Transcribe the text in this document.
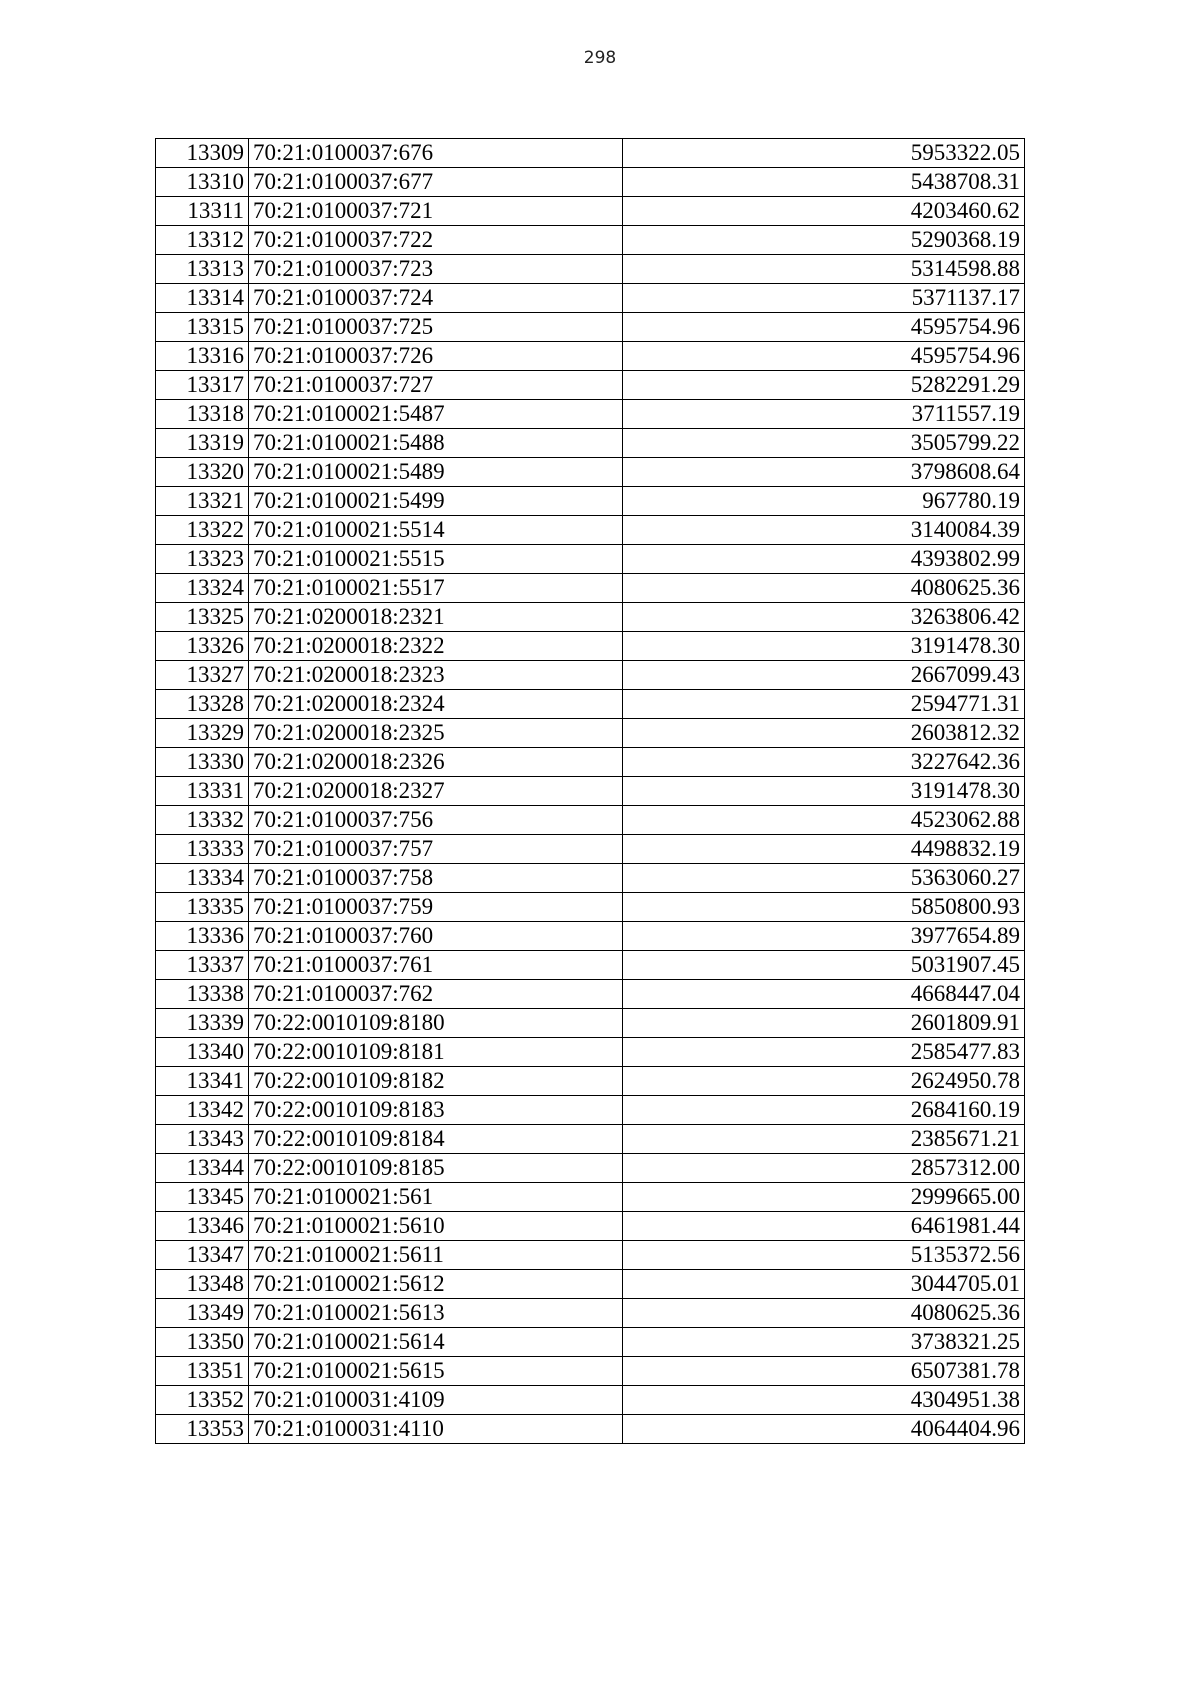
298
13309	70:21:0100037:676	5953322.05
13310	70:21:0100037:677	5438708.31
13311	70:21:0100037:721	4203460.62
13312	70:21:0100037:722	5290368.19
13313	70:21:0100037:723	5314598.88
13314	70:21:0100037:724	5371137.17
13315	70:21:0100037:725	4595754.96
13316	70:21:0100037:726	4595754.96
13317	70:21:0100037:727	5282291.29
13318	70:21:0100021:5487	3711557.19
13319	70:21:0100021:5488	3505799.22
13320	70:21:0100021:5489	3798608.64
13321	70:21:0100021:5499	967780.19
13322	70:21:0100021:5514	3140084.39
13323	70:21:0100021:5515	4393802.99
13324	70:21:0100021:5517	4080625.36
13325	70:21:0200018:2321	3263806.42
13326	70:21:0200018:2322	3191478.30
13327	70:21:0200018:2323	2667099.43
13328	70:21:0200018:2324	2594771.31
13329	70:21:0200018:2325	2603812.32
13330	70:21:0200018:2326	3227642.36
13331	70:21:0200018:2327	3191478.30
13332	70:21:0100037:756	4523062.88
13333	70:21:0100037:757	4498832.19
13334	70:21:0100037:758	5363060.27
13335	70:21:0100037:759	5850800.93
13336	70:21:0100037:760	3977654.89
13337	70:21:0100037:761	5031907.45
13338	70:21:0100037:762	4668447.04
13339	70:22:0010109:8180	2601809.91
13340	70:22:0010109:8181	2585477.83
13341	70:22:0010109:8182	2624950.78
13342	70:22:0010109:8183	2684160.19
13343	70:22:0010109:8184	2385671.21
13344	70:22:0010109:8185	2857312.00
13345	70:21:0100021:561	2999665.00
13346	70:21:0100021:5610	6461981.44
13347	70:21:0100021:5611	5135372.56
13348	70:21:0100021:5612	3044705.01
13349	70:21:0100021:5613	4080625.36
13350	70:21:0100021:5614	3738321.25
13351	70:21:0100021:5615	6507381.78
13352	70:21:0100031:4109	4304951.38
13353	70:21:0100031:4110	4064404.96
